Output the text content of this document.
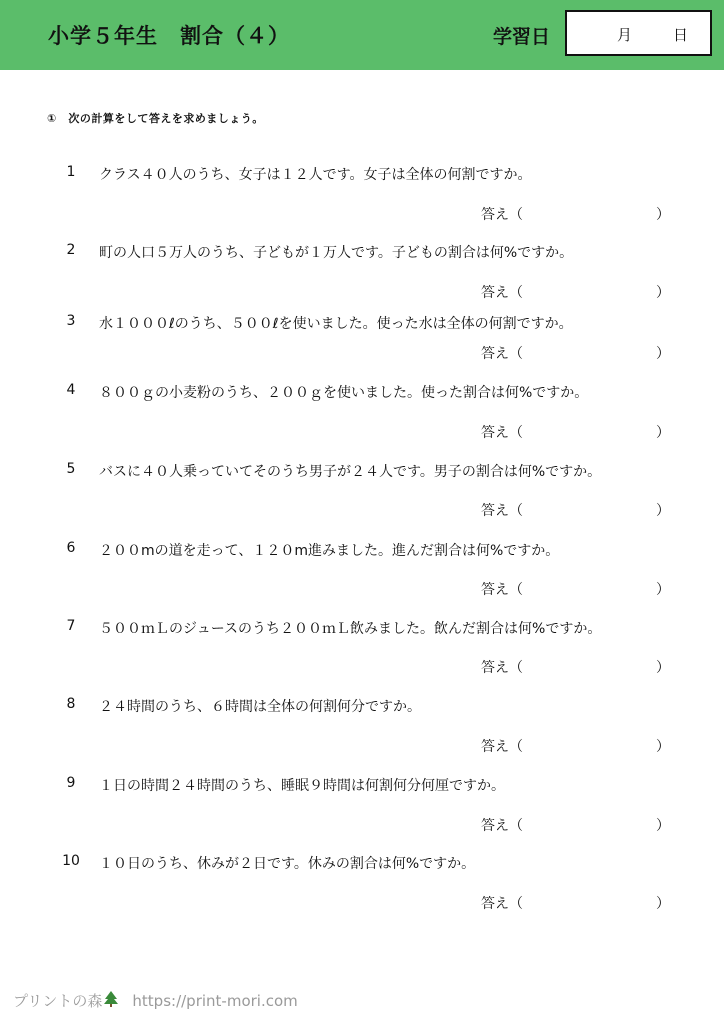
小学５年生　割合（４）	学習日	月	日
①　次の計算をして答えを求めましょう。
1	クラス４０人のうち、女子は１２人です。女子は全体の何割ですか。
答え（	）
2	町の人口５万人のうち、子どもが１万人です。子どもの割合は何%ですか。
答え（	）
3	水１０００ℓのうち、５００ℓを使いました。使った水は全体の何割ですか。
答え（	）
4	８００ｇの小麦粉のうち、２００ｇを使いました。使った割合は何%ですか。
答え（	）
5	バスに４０人乗っていてそのうち男子が２４人です。男子の割合は何%ですか。
答え（	）
6	２００mの道を走って、１２０m進みました。進んだ割合は何%ですか。
答え（	）
7	５００ｍＬのジュースのうち２００ｍＬ飲みました。飲んだ割合は何%ですか。
答え（	）
8	２４時間のうち、６時間は全体の何割何分ですか。
答え（	）
9	１日の時間２４時間のうち、睡眠９時間は何割何分何厘ですか。
答え（	）
10 １０日のうち、休みが２日です。休みの割合は何%ですか。
答え（	）
プリントの森 https://print-mori.com
